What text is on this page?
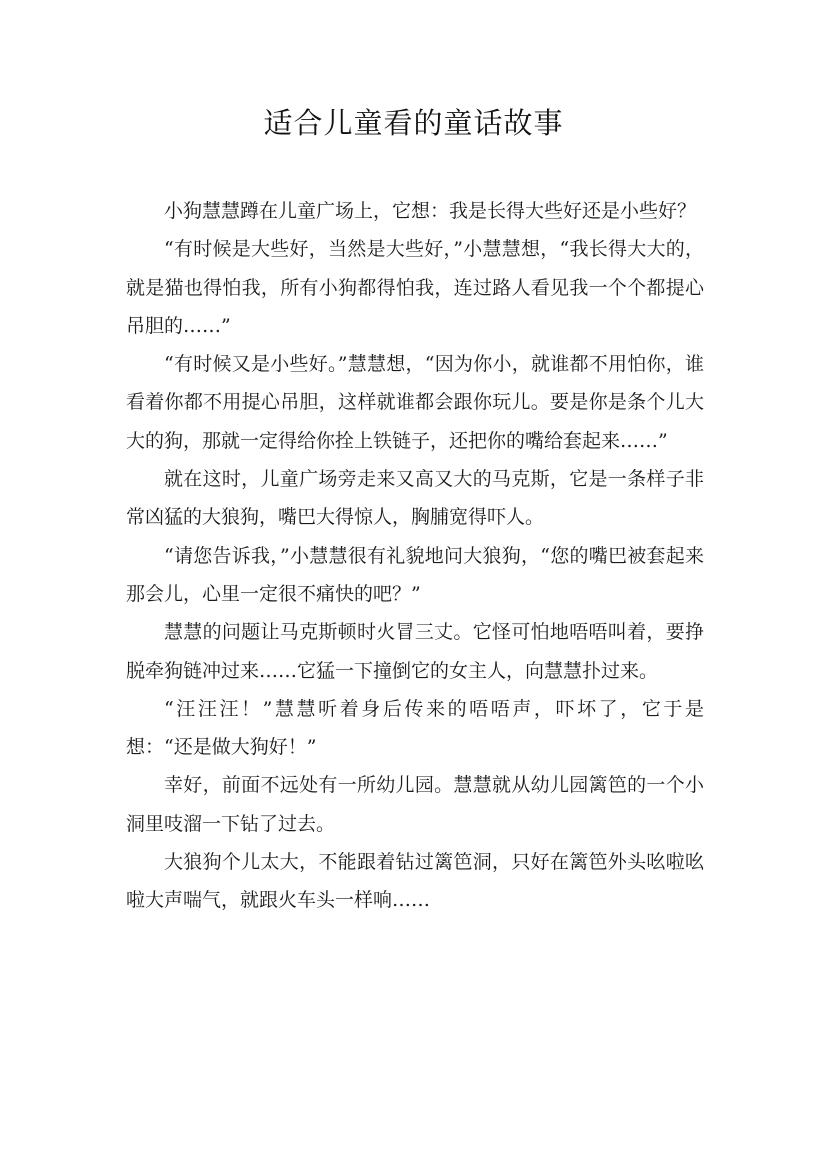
适合儿童看的童话故事

小狗慧慧蹲在儿童广场上，它想：我是长得大些好还是小些好？

“有时候是大些好，当然是大些好，”小慧慧想，“我长得大大的，就是猫也得怕我，所有小狗都得怕我，连过路人看见我一个个都提心吊胆的……”

“有时候又是小些好。”慧慧想，“因为你小，就谁都不用怕你，谁看着你都不用提心吊胆，这样就谁都会跟你玩儿。要是你是条个儿大大的狗，那就一定得给你拴上铁链子，还把你的嘴给套起来……”

就在这时，儿童广场旁走来又高又大的马克斯，它是一条样子非常凶猛的大狼狗，嘴巴大得惊人，胸脯宽得吓人。

“请您告诉我，”小慧慧很有礼貌地问大狼狗，“您的嘴巴被套起来那会儿，心里一定很不痛快的吧？”

慧慧的问题让马克斯顿时火冒三丈。它怪可怕地唔唔叫着，要挣脱牵狗链冲过来……它猛一下撞倒它的女主人，向慧慧扑过来。

“汪汪汪！”慧慧听着身后传来的唔唔声，吓坏了，它于是想：“还是做大狗好！”

幸好，前面不远处有一所幼儿园。慧慧就从幼儿园篱笆的一个小洞里吱溜一下钻了过去。

大狼狗个儿太大，不能跟着钻过篱笆洞，只好在篱笆外头吆啦吆啦大声喘气，就跟火车头一样响……
